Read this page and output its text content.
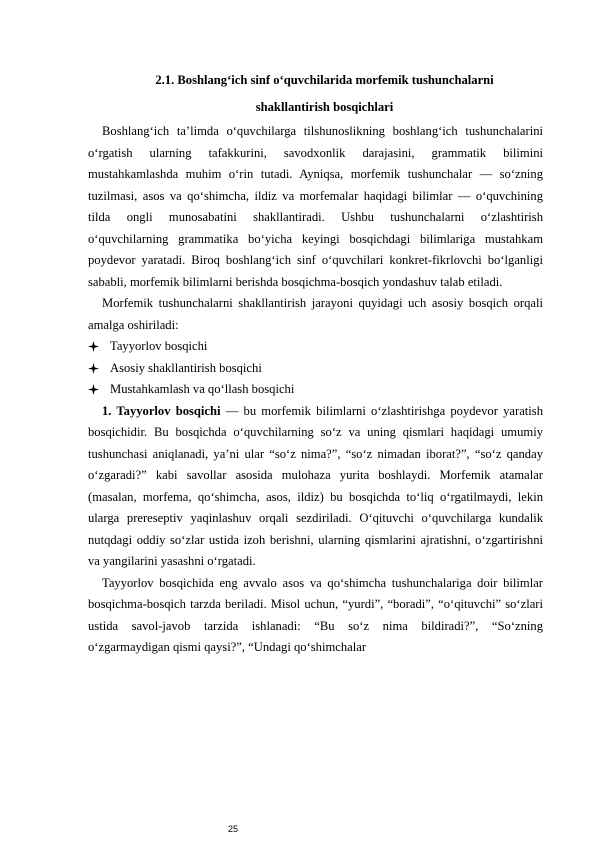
2.1. Boshlang‘ich sinf o‘quvchilarida morfemik tushunchalarni

shakllantirish bosqichlari

Boshlang‘ich ta’limda o‘quvchilarga tilshunoslikning boshlang‘ich tushunchalarini o‘rgatish ularning tafakkurini, savodxonlik darajasini, grammatik bilimini mustahkamlashda muhim o‘rin tutadi. Ayniqsa, morfemik tushunchalar — so‘zning tuzilmasi, asos va qo‘shimcha, ildiz va morfemalar haqidagi bilimlar — o‘quvchining tilda ongli munosabatini shakllantiradi. Ushbu tushunchalarni o‘zlashtirish o‘quvchilarning grammatika bo‘yicha keyingi bosqichdagi bilimlariga mustahkam poydevor yaratadi. Biroq boshlang‘ich sinf o‘quvchilari konkret-fikrlovchi bo‘lganligi sababli, morfemik bilimlarni berishda bosqichma-bosqich yondashuv talab etiladi.

Morfemik tushunchalarni shakllantirish jarayoni quyidagi uch asosiy bosqich orqali amalga oshiriladi:

Tayyorlov bosqichi
Asosiy shakllantirish bosqichi
Mustahkamlash va qo‘llash bosqichi

1. Tayyorlov bosqichi — bu morfemik bilimlarni o‘zlashtirishga poydevor yaratish bosqichidir. Bu bosqichda o‘quvchilarning so‘z va uning qismlari haqidagi umumiy tushunchasi aniqlanadi, ya’ni ular “so‘z nima?”, “so‘z nimadan iborat?”, “so‘z qanday o‘zgaradi?” kabi savollar asosida mulohaza yurita boshlaydi. Morfemik atamalar (masalan, morfema, qo‘shimcha, asos, ildiz) bu bosqichda to‘liq o‘rgatilmaydi, lekin ularga prereseptiv yaqinlashuv orqali sezdiriladi. O‘qituvchi o‘quvchilarga kundalik nutqdagi oddiy so‘zlar ustida izoh berishni, ularning qismlarini ajratishni, o‘zgartirishni va yangilarini yasashni o‘rgatadi.

Tayyorlov bosqichida eng avvalo asos va qo‘shimcha tushunchalariga doir bilimlar bosqichma-bosqich tarzda beriladi. Misol uchun, “yurdi”, “boradi”, “o‘qituvchi” so‘zlari ustida savol-javob tarzida ishlanadi: “Bu so‘z nima bildiradi?”, “So‘zning o‘zgarmaydigan qismi qaysi?”, “Undagi qo‘shimchalar

25
